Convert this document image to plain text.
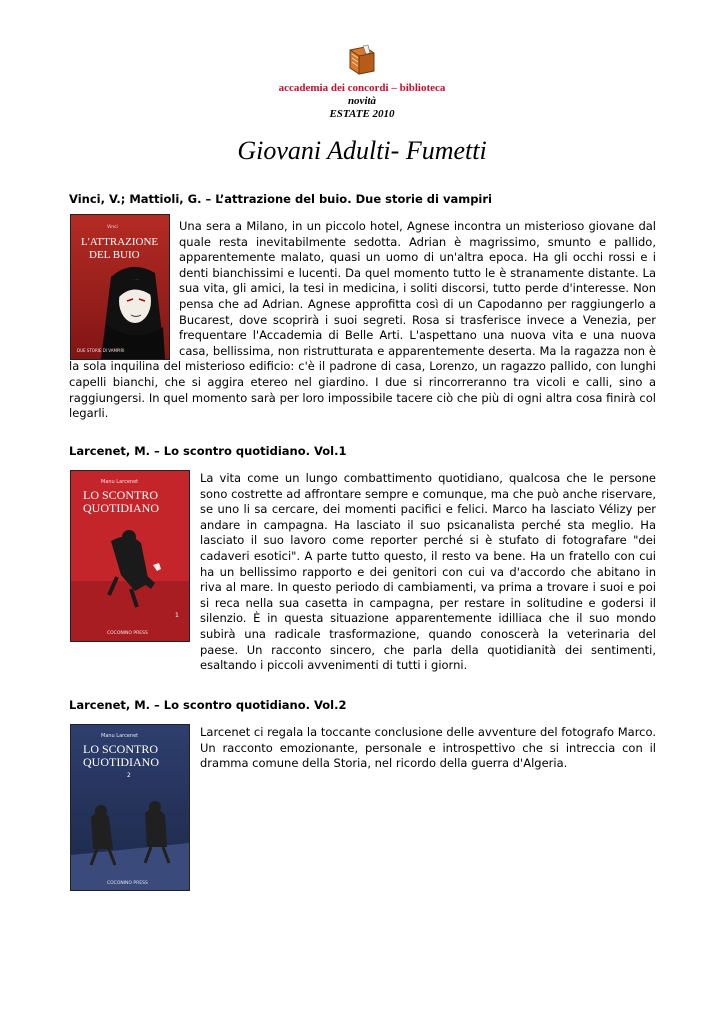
accademia dei concordi – biblioteca
novità
ESTATE 2010
Giovani Adulti- Fumetti
Vinci, V.; Mattioli, G. – L’attrazione del buio. Due storie di vampiri
L'ATTRAZIONE
DEL BUIO
Vinci
DUE STORIE DI VAMPIRI

Una sera a Milano, in un piccolo hotel, Agnese incontra un misterioso giovane dal quale resta inevitabilmente sedotta. Adrian è magrissimo, smunto e pallido, apparentemente malato, quasi un uomo di un'altra epoca. Ha gli occhi rossi e i denti bianchissimi e lucenti. Da quel momento tutto le è stranamente distante. La sua vita, gli amici, la tesi in medicina, i soliti discorsi, tutto perde d'interesse. Non pensa che ad Adrian. Agnese approfitta così di un Capodanno per raggiungerlo a Bucarest, dove scoprirà i suoi segreti. Rosa si trasferisce invece a Venezia, per frequentare l'Accademia di Belle Arti. L'aspettano una nuova vita e una nuova casa, bellissima, non ristrutturata e apparentemente deserta. Ma la ragazza non è la sola inquilina del misterioso edificio: c'è il padrone di casa, Lorenzo, un ragazzo pallido, con lunghi capelli bianchi, che si aggira etereo nel giardino. I due si rincorreranno tra vicoli e calli, sino a raggiungersi. In quel momento sarà per loro impossibile tacere ciò che più di ogni altra cosa finirà col legarli.

Larcenet, M. – Lo scontro quotidiano. Vol.1
Manu Larcenet
LO SCONTRO
QUOTIDIANO
1
COCONINO PRESS

La vita come un lungo combattimento quotidiano, qualcosa che le persone sono costrette ad affrontare sempre e comunque, ma che può anche riservare, se uno li sa cercare, dei momenti pacifici e felici. Marco ha lasciato Vélizy per andare in campagna. Ha lasciato il suo psicanalista perché sta meglio. Ha lasciato il suo lavoro come reporter perché si è stufato di fotografare "dei cadaveri esotici". A parte tutto questo, il resto va bene. Ha un fratello con cui ha un bellissimo rapporto e dei genitori con cui va d'accordo che abitano in riva al mare. In questo periodo di cambiamenti, va prima a trovare i suoi e poi si reca nella sua casetta in campagna, per restare in solitudine e godersi il silenzio. È in questa situazione apparentemente idilliaca che il suo mondo subirà una radicale trasformazione, quando conoscerà la veterinaria del paese. Un racconto sincero, che parla della quotidianità dei sentimenti, esaltando i piccoli avvenimenti di tutti i giorni.

Larcenet, M. – Lo scontro quotidiano. Vol.2
Manu Larcenet
LO SCONTRO
QUOTIDIANO
2
COCONINO PRESS

Larcenet ci regala la toccante conclusione delle avventure del fotografo Marco. Un racconto emozionante, personale e introspettivo che si intreccia con il dramma comune della Storia, nel ricordo della guerra d'Algeria.
